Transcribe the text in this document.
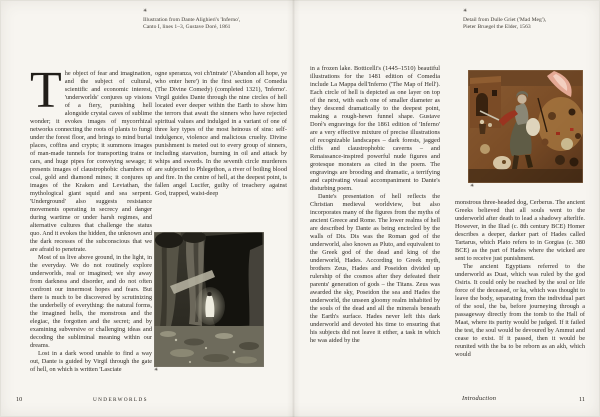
✳
Illustration from Dante Alighieri's 'Inferno',
Canto I, lines 1–3, Gustave Doré, 1861

The object of fear and imagination, and the subject of cultural, scientific and economic interest, 'underworlds' conjures up visions of a fiery, punishing hell alongside crystal caves of sublime wonder; it evokes images of mycorrhizal networks connecting the roots of plants to fungi under the forest floor, and brings to mind burial places, coffins and crypts; it summons images of man-made tunnels for transporting trains or cars, and huge pipes for conveying sewage; it presents images of claustrophobic chambers of coal, gold and diamond mines; it conjures up images of the Kraken and Leviathan, the mythological giant squid and sea serpent. 'Underground' also suggests resistance movements operating in secrecy and danger during wartime or under harsh regimes, and alternative cultures that challenge the status quo. And it evokes the hidden, the unknown and the dark recesses of the subconscious that we are afraid to penetrate.

Most of us live above ground, in the light, in the everyday. We do not routinely explore underworlds, real or imagined; we shy away from darkness and disorder, and do not often confront our innermost hopes and fears. But there is much to be discovered by scrutinizing the underbelly of everything: the natural forms, the imagined hells, the monstrous and the elegiac, the forgotten and the secret; and by examining subversive or challenging ideas and decoding the subliminal meaning within our dreams.

Lost in a dark wood unable to find a way out, Dante is guided by Virgil through the gate of hell, on which is written 'Lasciate

ogne speranza, voi ch'intrate' ('Abandon all hope, ye who enter here') in the first section of Comedia (The Divine Comedy) (completed 1321), 'Inferno'. Virgil guides Dante through the nine circles of hell located ever deeper within the Earth to show him the terrors that await the sinners who have rejected spiritual values and indulged in a variant of one of three key types of the most heinous of sins: self-indulgence, violence and malicious cruelty. Divine punishment is meted out to every group of sinners, including starvation, burning in oil and attack by whips and swords. In the seventh circle murderers are subjected to Phlegethon, a river of boiling blood and fire. In the centre of hell, at the deepest point, is fallen angel Lucifer, guilty of treachery against God, trapped, waist-deep

✳
10	UNDERWORLDS
✳
Detail from Dulle Griet ('Mad Meg'),
Pieter Bruegel the Elder, 1563
✳

in a frozen lake. Botticelli's (1445–1510) beautiful illustrations for the 1481 edition of Comedia include La Mappa dell'Inferno ('The Map of Hell'). Each circle of hell is depicted as one layer on top of the next, with each one of smaller diameter as they descend dramatically to the deepest point, making a rough-hewn funnel shape. Gustave Doré's engravings for the 1861 edition of 'Inferno' are a very effective mixture of precise illustrations of recognizable landscapes – dark forests, jagged cliffs and claustrophobic caverns – and Renaissance-inspired powerful nude figures and grotesque monsters as cited in the poem. The engravings are brooding and dramatic, a terrifying and captivating visual accompaniment to Dante's disturbing poem.

Dante's presentation of hell reflects the Christian medieval worldview, but also incorporates many of the figures from the myths of ancient Greece and Rome. The lower realms of hell are described by Dante as being encircled by the walls of Dis. Dis was the Roman god of the underworld, also known as Pluto, and equivalent to the Greek god of the dead and king of the underworld, Hades. According to Greek myth, brothers Zeus, Hades and Poseidon divided up rulership of the cosmos after they defeated their parents' generation of gods – the Titans. Zeus was awarded the sky, Poseidon the sea and Hades the underworld, the unseen gloomy realm inhabited by the souls of the dead and all the minerals beneath the Earth's surface. Hades never left this dark underworld and devoted his time to ensuring that his subjects did not leave it either, a task in which he was aided by the

monstrous three-headed dog, Cerberus. The ancient Greeks believed that all souls went to the underworld after death to lead a shadowy afterlife. However, in the Iliad (c. 8th century BCE) Homer describes a deeper, darker part of Hades called Tartarus, which Plato refers to in Gorgias (c. 380 BCE) as the part of Hades where the wicked are sent to receive just punishment.

The ancient Egyptians referred to the underworld as Duat, which was ruled by the god Osiris. It could only be reached by the soul or life force of the deceased, or ka, which was thought to leave the body, separating from the individual part of the soul, the ba, before journeying through a passageway directly from the tomb to the Hall of Maat, where its purity would be judged. If it failed the test, the soul would be devoured by Ammut and cease to exist. If it passed, then it would be reunited with the ba to be reborn as an akh, which would

Introduction	11
